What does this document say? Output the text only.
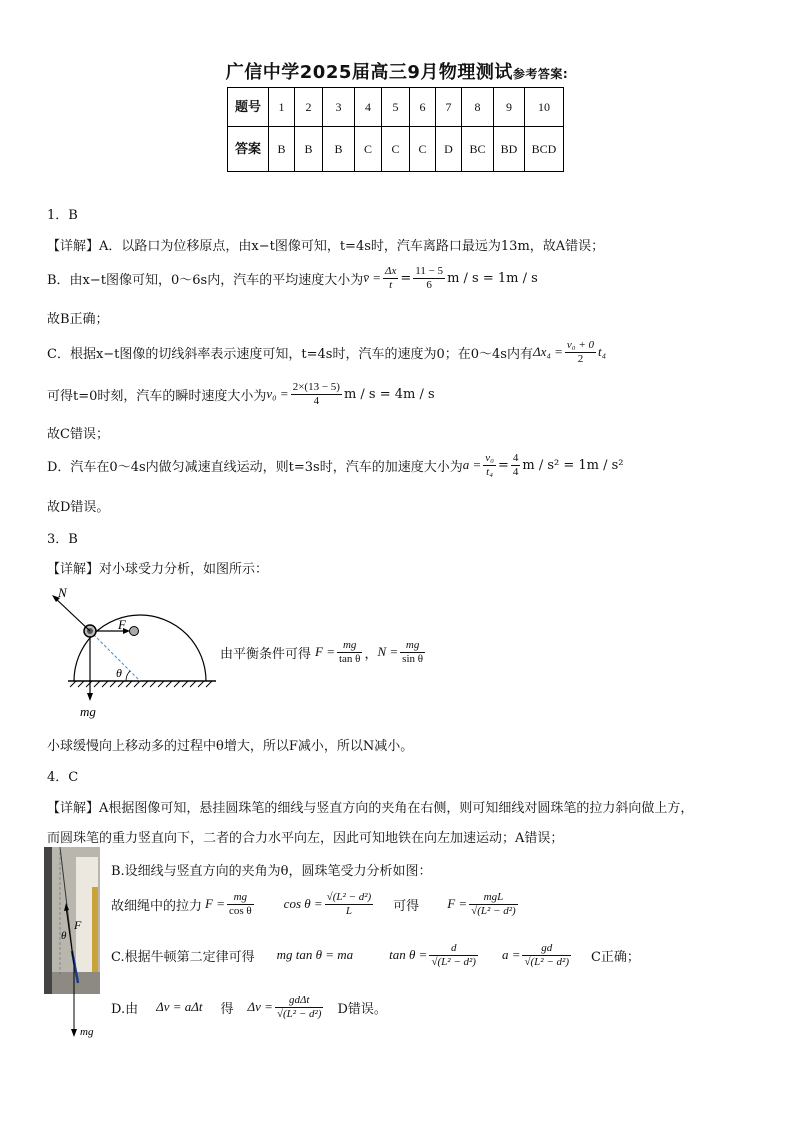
广信中学2025届高三9月物理测试参考答案:
题号	1	2	3	4	5	6	7	8	9	10
答案	B	B	B	C	C	C	D	BC	BD	BCD
1．B
【详解】A．以路口为位移原点，由x−t图像可知，t=4s时，汽车离路口最远为13m，故A错误；
B．由x−t图像可知，0～6s内，汽车的平均速度大小为 v̄ = $\frac{\Delta x}{t} = \frac{11 - 5}{6}$ m / s = 1m / s
故B正确；
C．根据x−t图像的切线斜率表示速度可知，t=4s时，汽车的速度为0；在0～4s内有 $\Delta x_4 = \frac{\text{v₀ + 0}}{2} t_4$
可得t=0时刻，汽车的瞬时速度大小为 $v_0 = \frac{2\times(13 - 5)}{4}$ m / s = 4m / s
故C错误；
D．汽车在0～4s内做匀减速直线运动，则t=3s时，汽车的加速度大小为 $a = \frac{\text{v₀}}{\text{t₄}} = \frac{4}{4}$ m / s² = 1m / s²
故D错误。
3．B
【详解】对小球受力分析，如图所示：
N
F
θ
mg
由平衡条件可得 $F = \frac{mg}{\text{tan θ}}$ ， $N = \frac{mg}{\text{sin θ}}$
小球缓慢向上移动多的过程中θ增大，所以F减小，所以N减小。
4．C
【详解】A根据图像可知，悬挂圆珠笔的细线与竖直方向的夹角在右侧，则可知细线对圆珠笔的拉力斜向做上方，
而圆珠笔的重力竖直向下，二者的合力水平向左，因此可知地铁在向左加速运动；A错误；
θ
F
mg
B.设细线与竖直方向的夹角为θ，圆珠笔受力分析如图：
故细绳中的拉力 $F = \frac{mg}{\text{cos θ}}$ $\cos \theta = \frac{\text{√(L² − d²)}}{L}$ 可得 $F = \frac{\text{mgL}}{\text{√(L² − d²)}}$
C.根据牛顿第二定律可得 mg tan θ = ma	$\tan \theta = \frac{d}{\text{√(L² − d²)}}$ $a = \frac{gd}{\text{√(L² − d²)}}$ C正确；
D.由 Δv = aΔt 得 $\Delta v = \frac{\text{gdΔt}}{\text{√(L² − d²)}}$ D错误。
